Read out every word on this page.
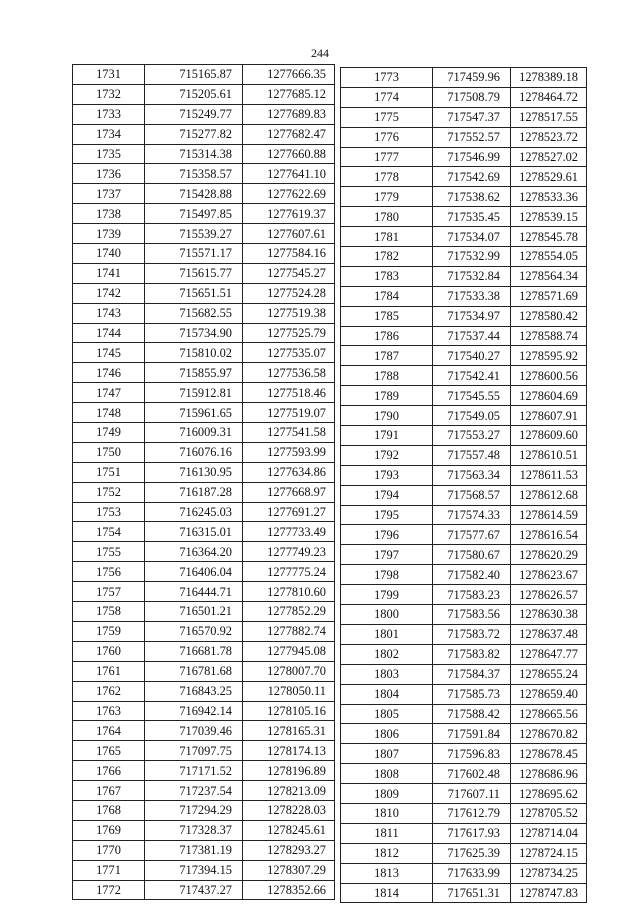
244
1731	715165.87	1277666.35
1732	715205.61	1277685.12
1733	715249.77	1277689.83
1734	715277.82	1277682.47
1735	715314.38	1277660.88
1736	715358.57	1277641.10
1737	715428.88	1277622.69
1738	715497.85	1277619.37
1739	715539.27	1277607.61
1740	715571.17	1277584.16
1741	715615.77	1277545.27
1742	715651.51	1277524.28
1743	715682.55	1277519.38
1744	715734.90	1277525.79
1745	715810.02	1277535.07
1746	715855.97	1277536.58
1747	715912.81	1277518.46
1748	715961.65	1277519.07
1749	716009.31	1277541.58
1750	716076.16	1277593.99
1751	716130.95	1277634.86
1752	716187.28	1277668.97
1753	716245.03	1277691.27
1754	716315.01	1277733.49
1755	716364.20	1277749.23
1756	716406.04	1277775.24
1757	716444.71	1277810.60
1758	716501.21	1277852.29
1759	716570.92	1277882.74
1760	716681.78	1277945.08
1761	716781.68	1278007.70
1762	716843.25	1278050.11
1763	716942.14	1278105.16
1764	717039.46	1278165.31
1765	717097.75	1278174.13
1766	717171.52	1278196.89
1767	717237.54	1278213.09
1768	717294.29	1278228.03
1769	717328.37	1278245.61
1770	717381.19	1278293.27
1771	717394.15	1278307.29
1772	717437.27	1278352.66
1773	717459.96	1278389.18
1774	717508.79	1278464.72
1775	717547.37	1278517.55
1776	717552.57	1278523.72
1777	717546.99	1278527.02
1778	717542.69	1278529.61
1779	717538.62	1278533.36
1780	717535.45	1278539.15
1781	717534.07	1278545.78
1782	717532.99	1278554.05
1783	717532.84	1278564.34
1784	717533.38	1278571.69
1785	717534.97	1278580.42
1786	717537.44	1278588.74
1787	717540.27	1278595.92
1788	717542.41	1278600.56
1789	717545.55	1278604.69
1790	717549.05	1278607.91
1791	717553.27	1278609.60
1792	717557.48	1278610.51
1793	717563.34	1278611.53
1794	717568.57	1278612.68
1795	717574.33	1278614.59
1796	717577.67	1278616.54
1797	717580.67	1278620.29
1798	717582.40	1278623.67
1799	717583.23	1278626.57
1800	717583.56	1278630.38
1801	717583.72	1278637.48
1802	717583.82	1278647.77
1803	717584.37	1278655.24
1804	717585.73	1278659.40
1805	717588.42	1278665.56
1806	717591.84	1278670.82
1807	717596.83	1278678.45
1808	717602.48	1278686.96
1809	717607.11	1278695.62
1810	717612.79	1278705.52
1811	717617.93	1278714.04
1812	717625.39	1278724.15
1813	717633.99	1278734.25
1814	717651.31	1278747.83
